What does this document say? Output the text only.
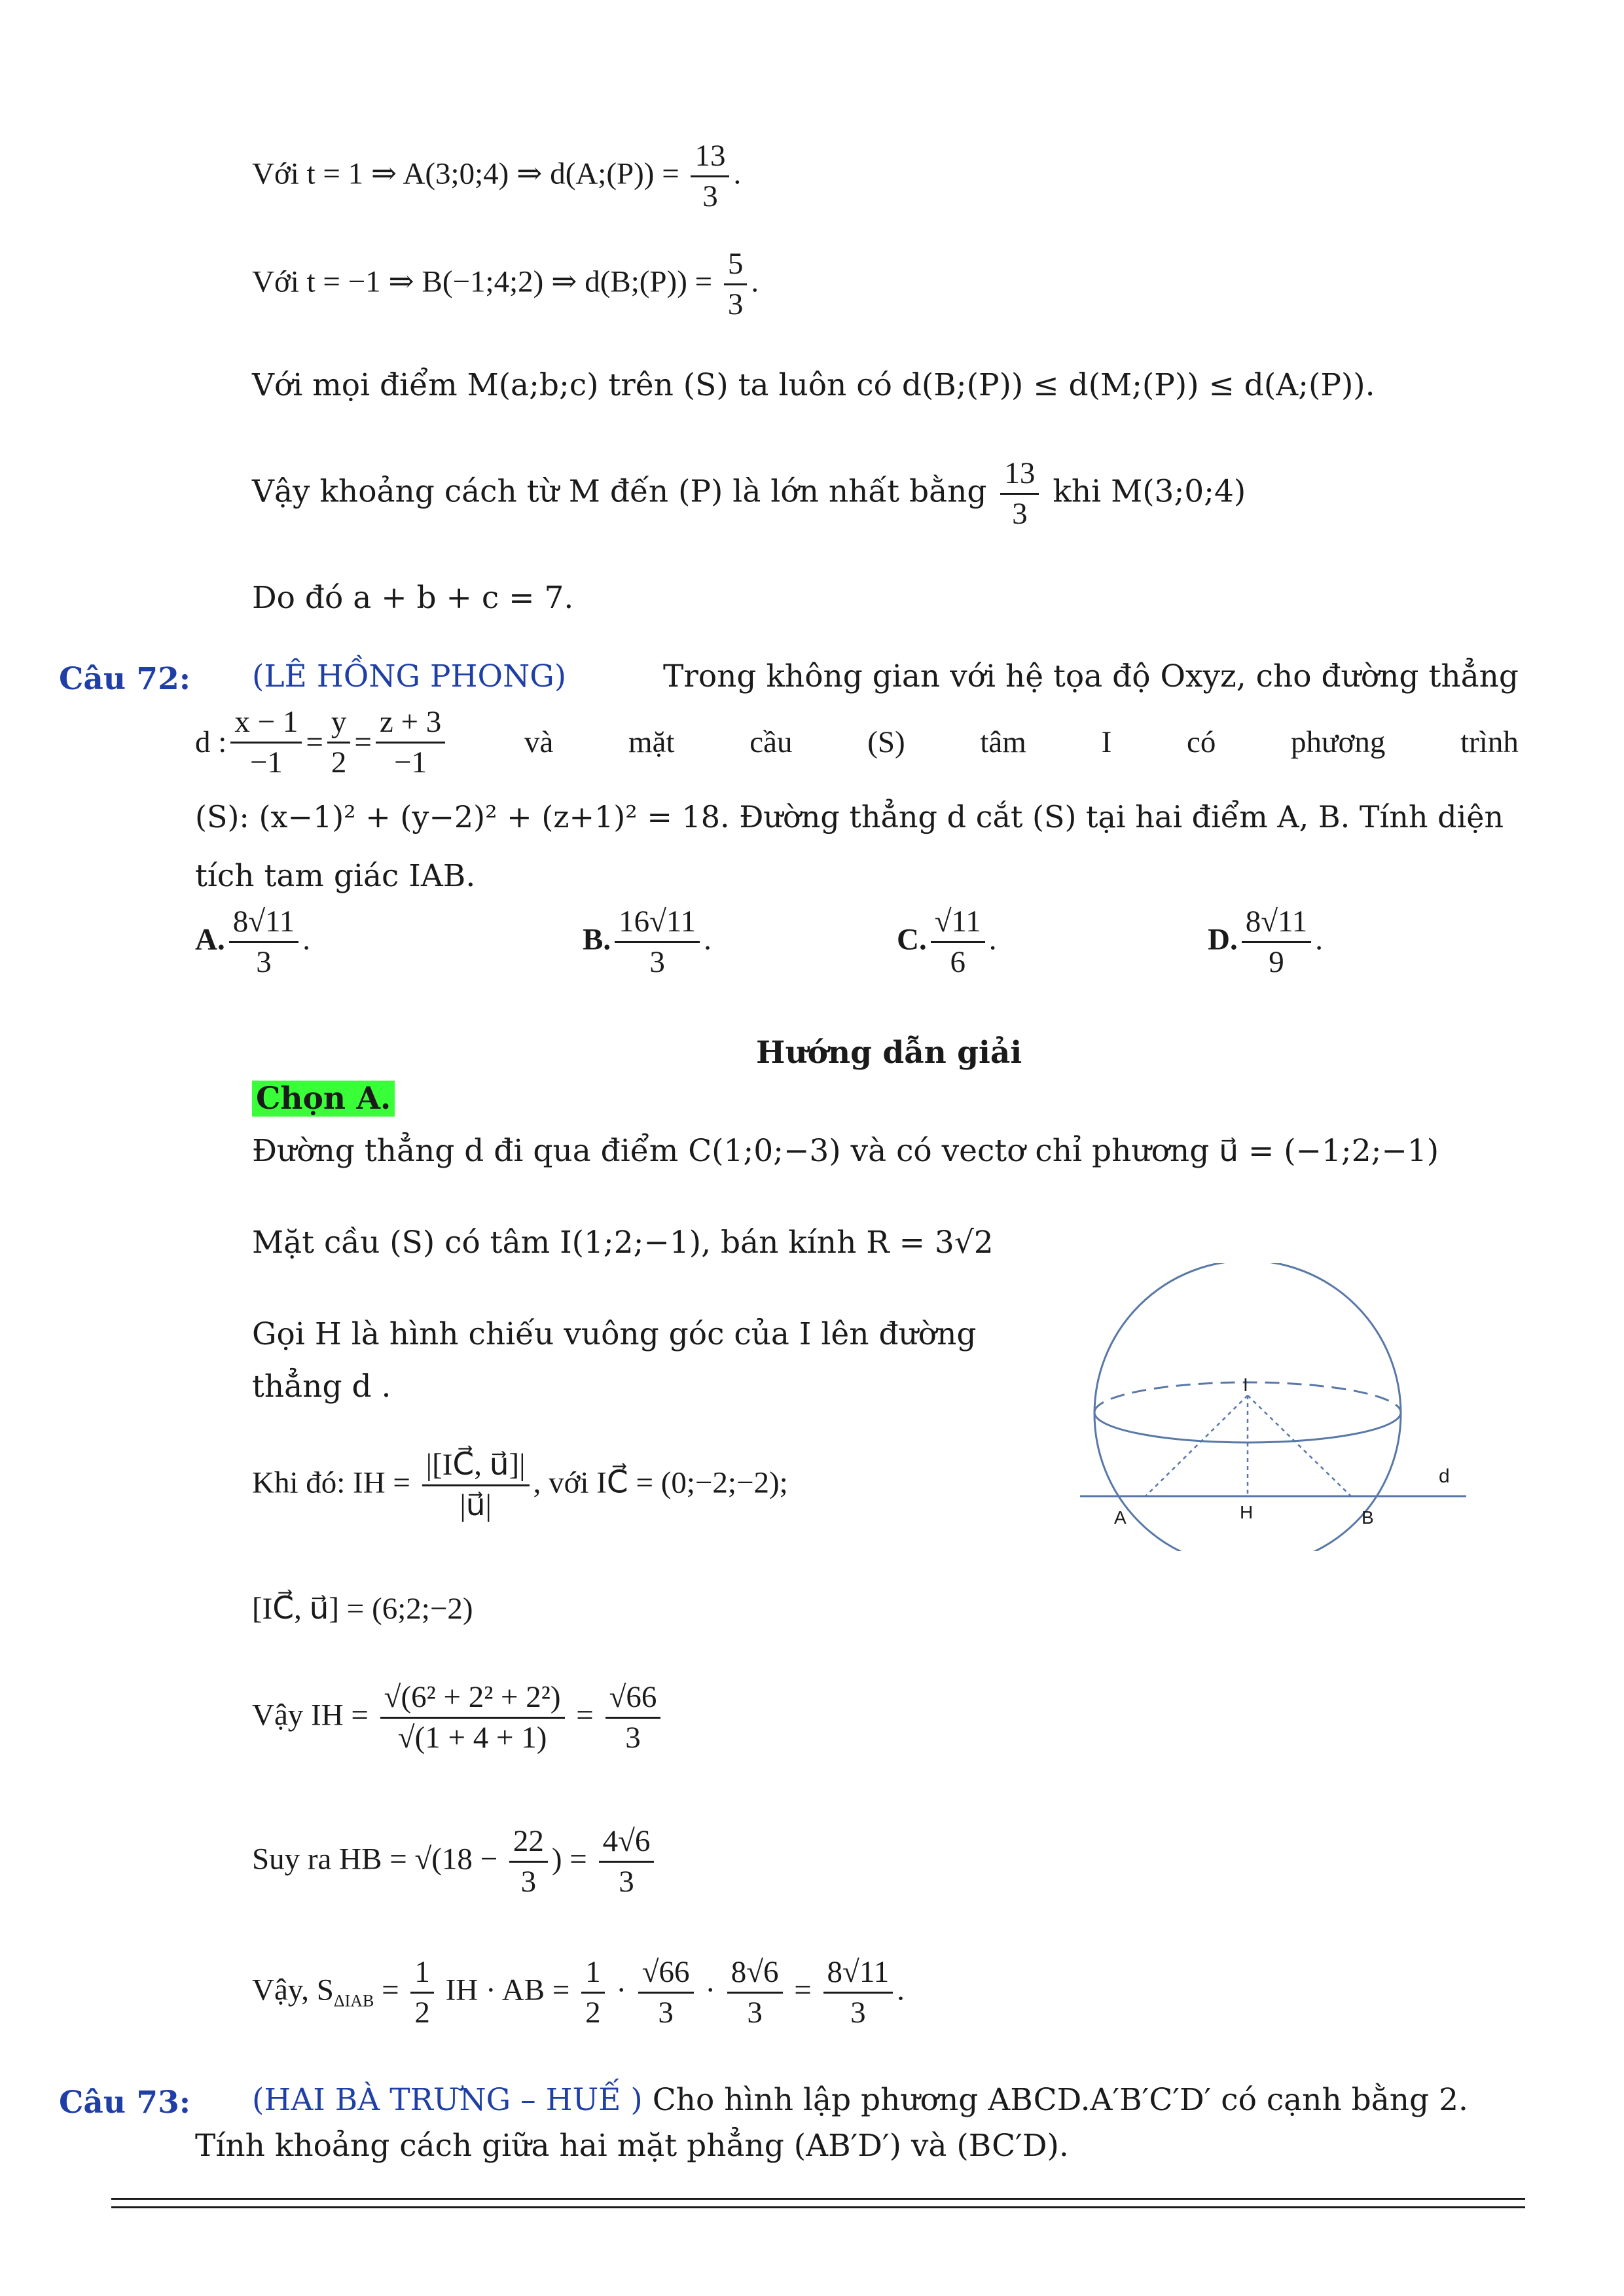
Với t = 1 ⇒ A(3;0;4) ⇒ d(A;(P)) = $\frac{13}{3}$ .
Với t = −1 ⇒ B(−1;4;2) ⇒ d(B;(P)) = $\frac{5}{3}$ .
Với mọi điểm M(a;b;c) trên (S) ta luôn có d(B;(P)) ≤ d(M;(P)) ≤ d(A;(P)).
Vậy khoảng cách từ M đến (P) là lớn nhất bằng $\frac{13}{3}$ khi M(3;0;4)
Do đó a + b + c = 7.
Câu 72: (LÊ HỒNG PHONG)	Trong không gian với hệ tọa độ Oxyz, cho đường thẳng
d : $\frac{x - 1}{-1} = \frac{y}{2} = \frac{z + 3}{-1}$	và mặt cầu (S) tâm I có phương trình
(S): (x−1)² + (y−2)² + (z+1)² = 18. Đường thẳng d cắt (S) tại hai điểm A, B. Tính diện
tích tam giác IAB.
A. $\frac{8√11}{3}$ .	B. $\frac{16√11}{3}$ .	C. $\frac{√11}{6}$ .	D. $\frac{8√11}{9}$ .
Hướng dẫn giải
Chọn A.
Đường thẳng d đi qua điểm C(1;0;−3) và có vectơ chỉ phương u⃗ = (−1;2;−1)
Mặt cầu (S) có tâm I(1;2;−1), bán kính R = 3√2
Gọi H là hình chiếu vuông góc của I lên đường
thẳng d .
Khi đó: IH = $\frac{|[IC⃗, u⃗]|}{|u⃗|}$ , với IC⃗ = (0;−2;−2);
[IC⃗, u⃗] = (6;2;−2)
Vậy IH = $\frac{\text{√(6² + 2² + 2²)}}{√(1 + 4 + 1)} = \frac{√66}{3}$
Suy ra HB = $√(18 - \frac{22}{3}$ ) = $\frac{4√6}{3}$
Vậy, $S_{\Delta IAB} = \frac{1}{2}$ IH · AB = $\frac{1}{2} \cdot \frac{√66}{3} \cdot \frac{8√6}{3} = \frac{8√11}{3}$ .
I
A	H	B
d
Câu 73: (HAI BÀ TRƯNG – HUẾ ) Cho hình lập phương ABCD.A′B′C′D′ có cạnh bằng 2.
Tính khoảng cách giữa hai mặt phẳng (AB′D′) và (BC′D).
